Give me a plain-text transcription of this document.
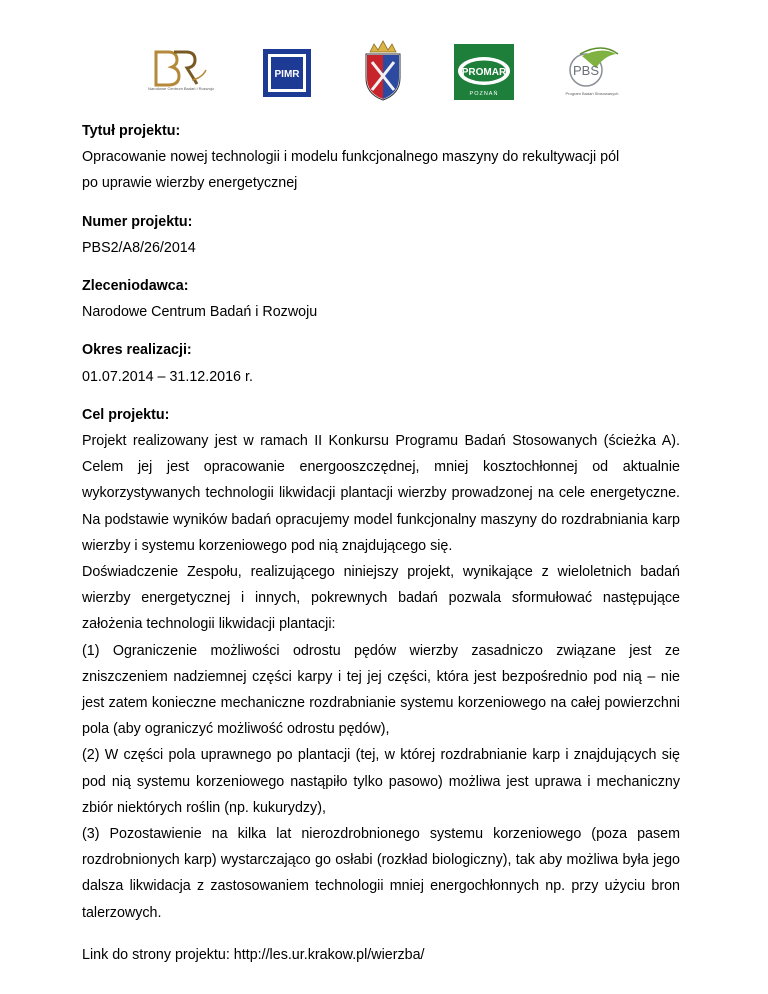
Narodowe Centrum Badań i Rozwoju
PIMR	PROMAR
POZNAŃ
PBS
Program Badań Stosowanych
Tytuł projektu:
Opracowanie nowej technologii i modelu funkcjonalnego maszyny do rekultywacji pól
po uprawie wierzby energetycznej
Numer projektu:
PBS2/A8/26/2014
Zleceniodawca:
Narodowe Centrum Badań i Rozwoju
Okres realizacji:
01.07.2014 – 31.12.2016 r.
Cel projektu:
Projekt realizowany jest w ramach II Konkursu Programu Badań Stosowanych (ścieżka A). Celem jej jest opracowanie energooszczędnej, mniej kosztochłonnej od aktualnie wykorzystywanych technologii likwidacji plantacji wierzby prowadzonej na cele energetyczne. Na podstawie wyników badań opracujemy model funkcjonalny maszyny do rozdrabniania karp wierzby i systemu korzeniowego pod nią znajdującego się.
Doświadczenie Zespołu, realizującego niniejszy projekt, wynikające z wieloletnich badań wierzby energetycznej i innych, pokrewnych badań pozwala sformułować następujące założenia technologii likwidacji plantacji:
(1) Ograniczenie możliwości odrostu pędów wierzby zasadniczo związane jest ze zniszczeniem nadziemnej części karpy i tej jej części, która jest bezpośrednio pod nią – nie jest zatem konieczne mechaniczne rozdrabnianie systemu korzeniowego na całej powierzchni pola (aby ograniczyć możliwość odrostu pędów),
(2) W części pola uprawnego po plantacji (tej, w której rozdrabnianie karp i znajdujących się pod nią systemu korzeniowego nastąpiło tylko pasowo) możliwa jest uprawa i mechaniczny zbiór niektórych roślin (np. kukurydzy),
(3) Pozostawienie na kilka lat nierozdrobnionego systemu korzeniowego (poza pasem rozdrobnionych karp) wystarczająco go osłabi (rozkład biologiczny), tak aby możliwa była jego dalsza likwidacja z zastosowaniem technologii mniej energochłonnych np. przy użyciu bron talerzowych.
Link do strony projektu: http://les.ur.krakow.pl/wierzba/
